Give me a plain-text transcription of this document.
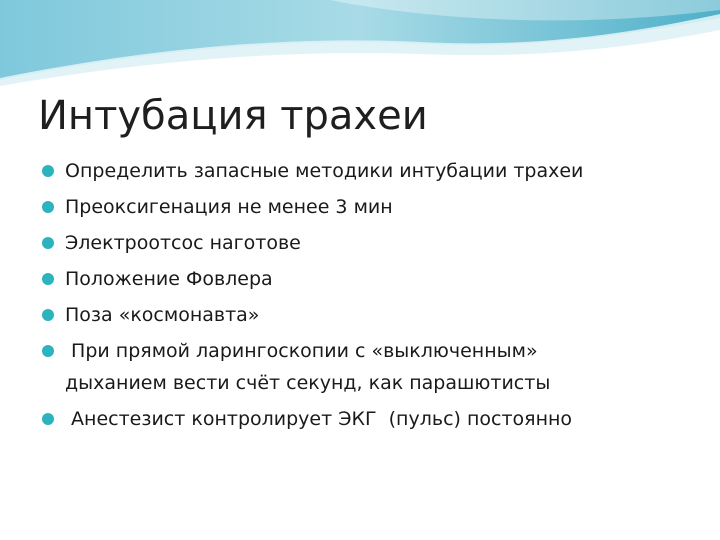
Интубация трахеи
Определить запасные методики интубации трахеи
Преоксигенация не менее 3 мин
Электроотсос наготове
Положение Фовлера
Поза «космонавта»
При прямой ларингоскопии с «выключенным»
дыханием вести счёт секунд, как парашютисты
Анестезист контролирует ЭКГ  (пульс) постоянно
